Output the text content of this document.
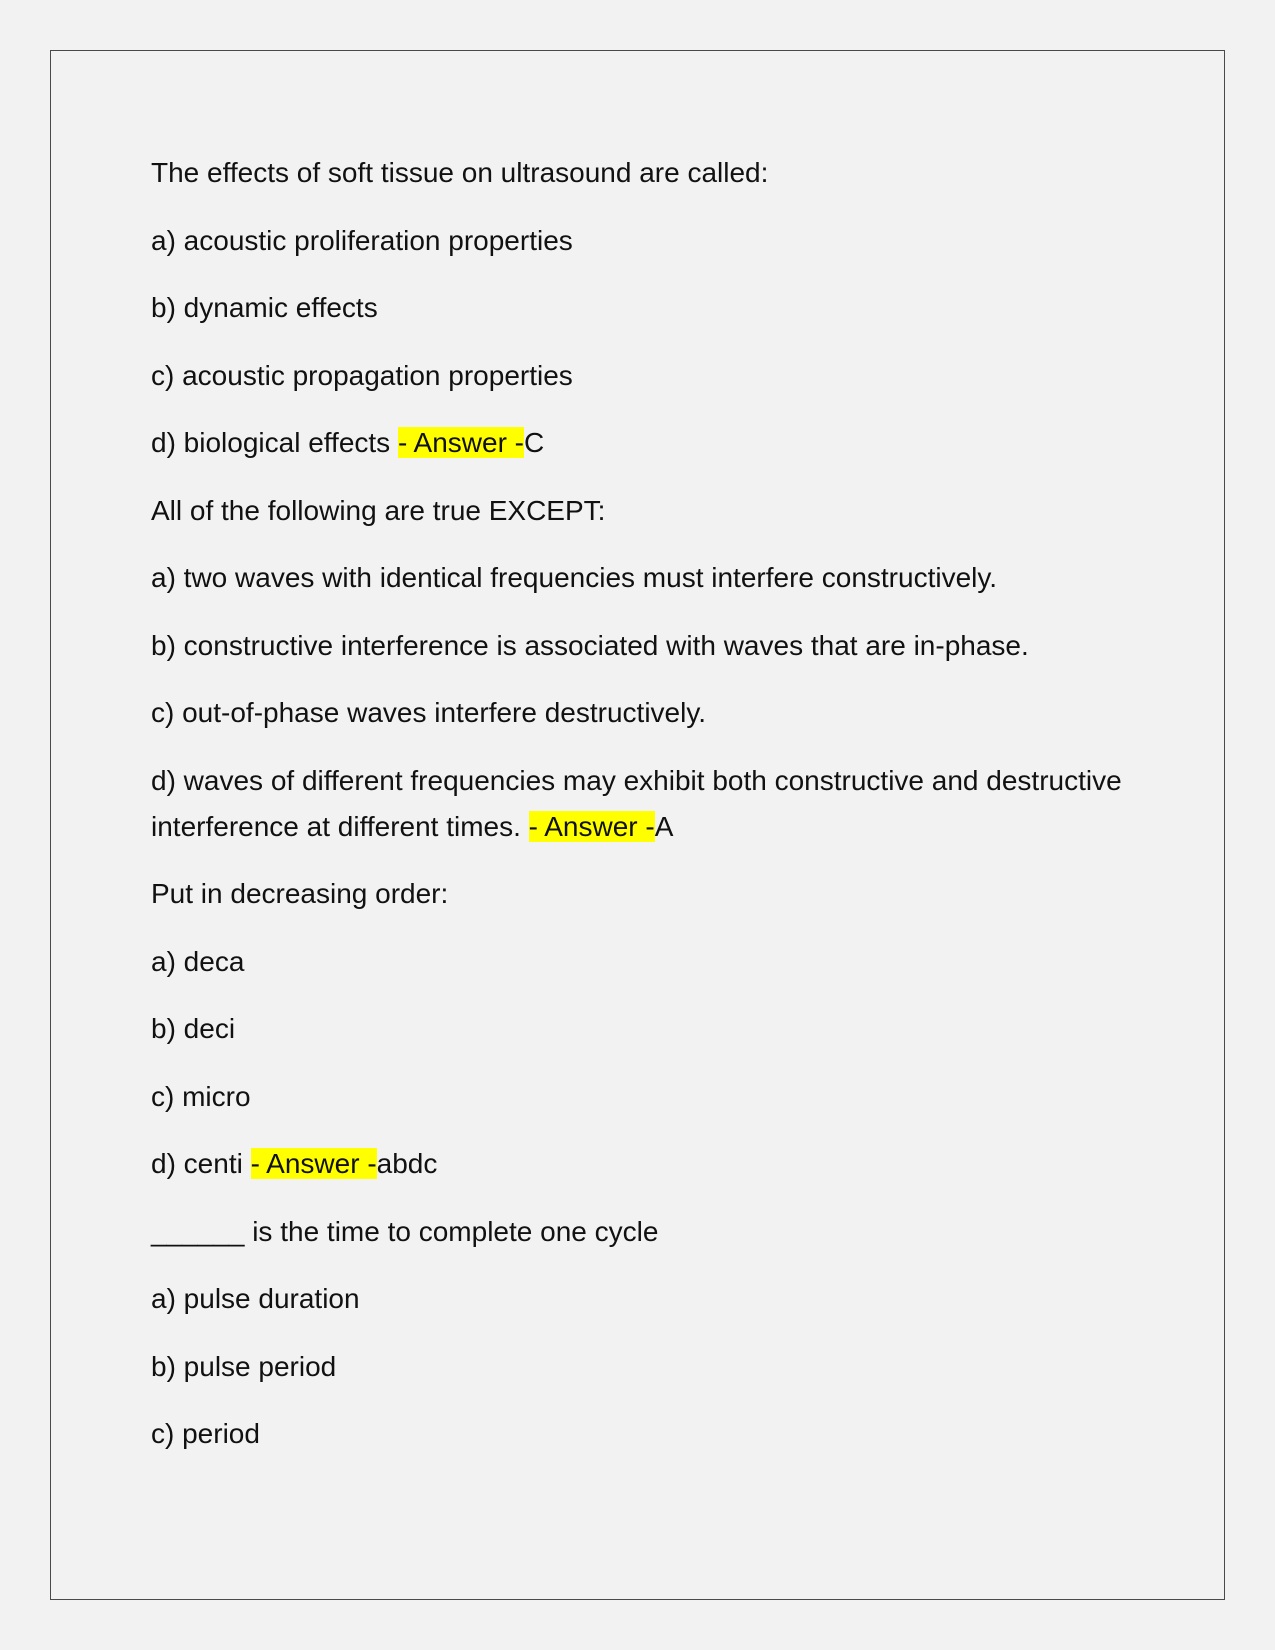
The effects of soft tissue on ultrasound are called:

a) acoustic proliferation properties

b) dynamic effects

c) acoustic propagation properties

d) biological effects - Answer -C

All of the following are true EXCEPT:

a) two waves with identical frequencies must interfere constructively.

b) constructive interference is associated with waves that are in-phase.

c) out-of-phase waves interfere destructively.

d) waves of different frequencies may exhibit both constructive and destructive interference at different times. - Answer -A

Put in decreasing order:

a) deca

b) deci

c) micro

d) centi - Answer -abdc

______ is the time to complete one cycle

a) pulse duration

b) pulse period

c) period
